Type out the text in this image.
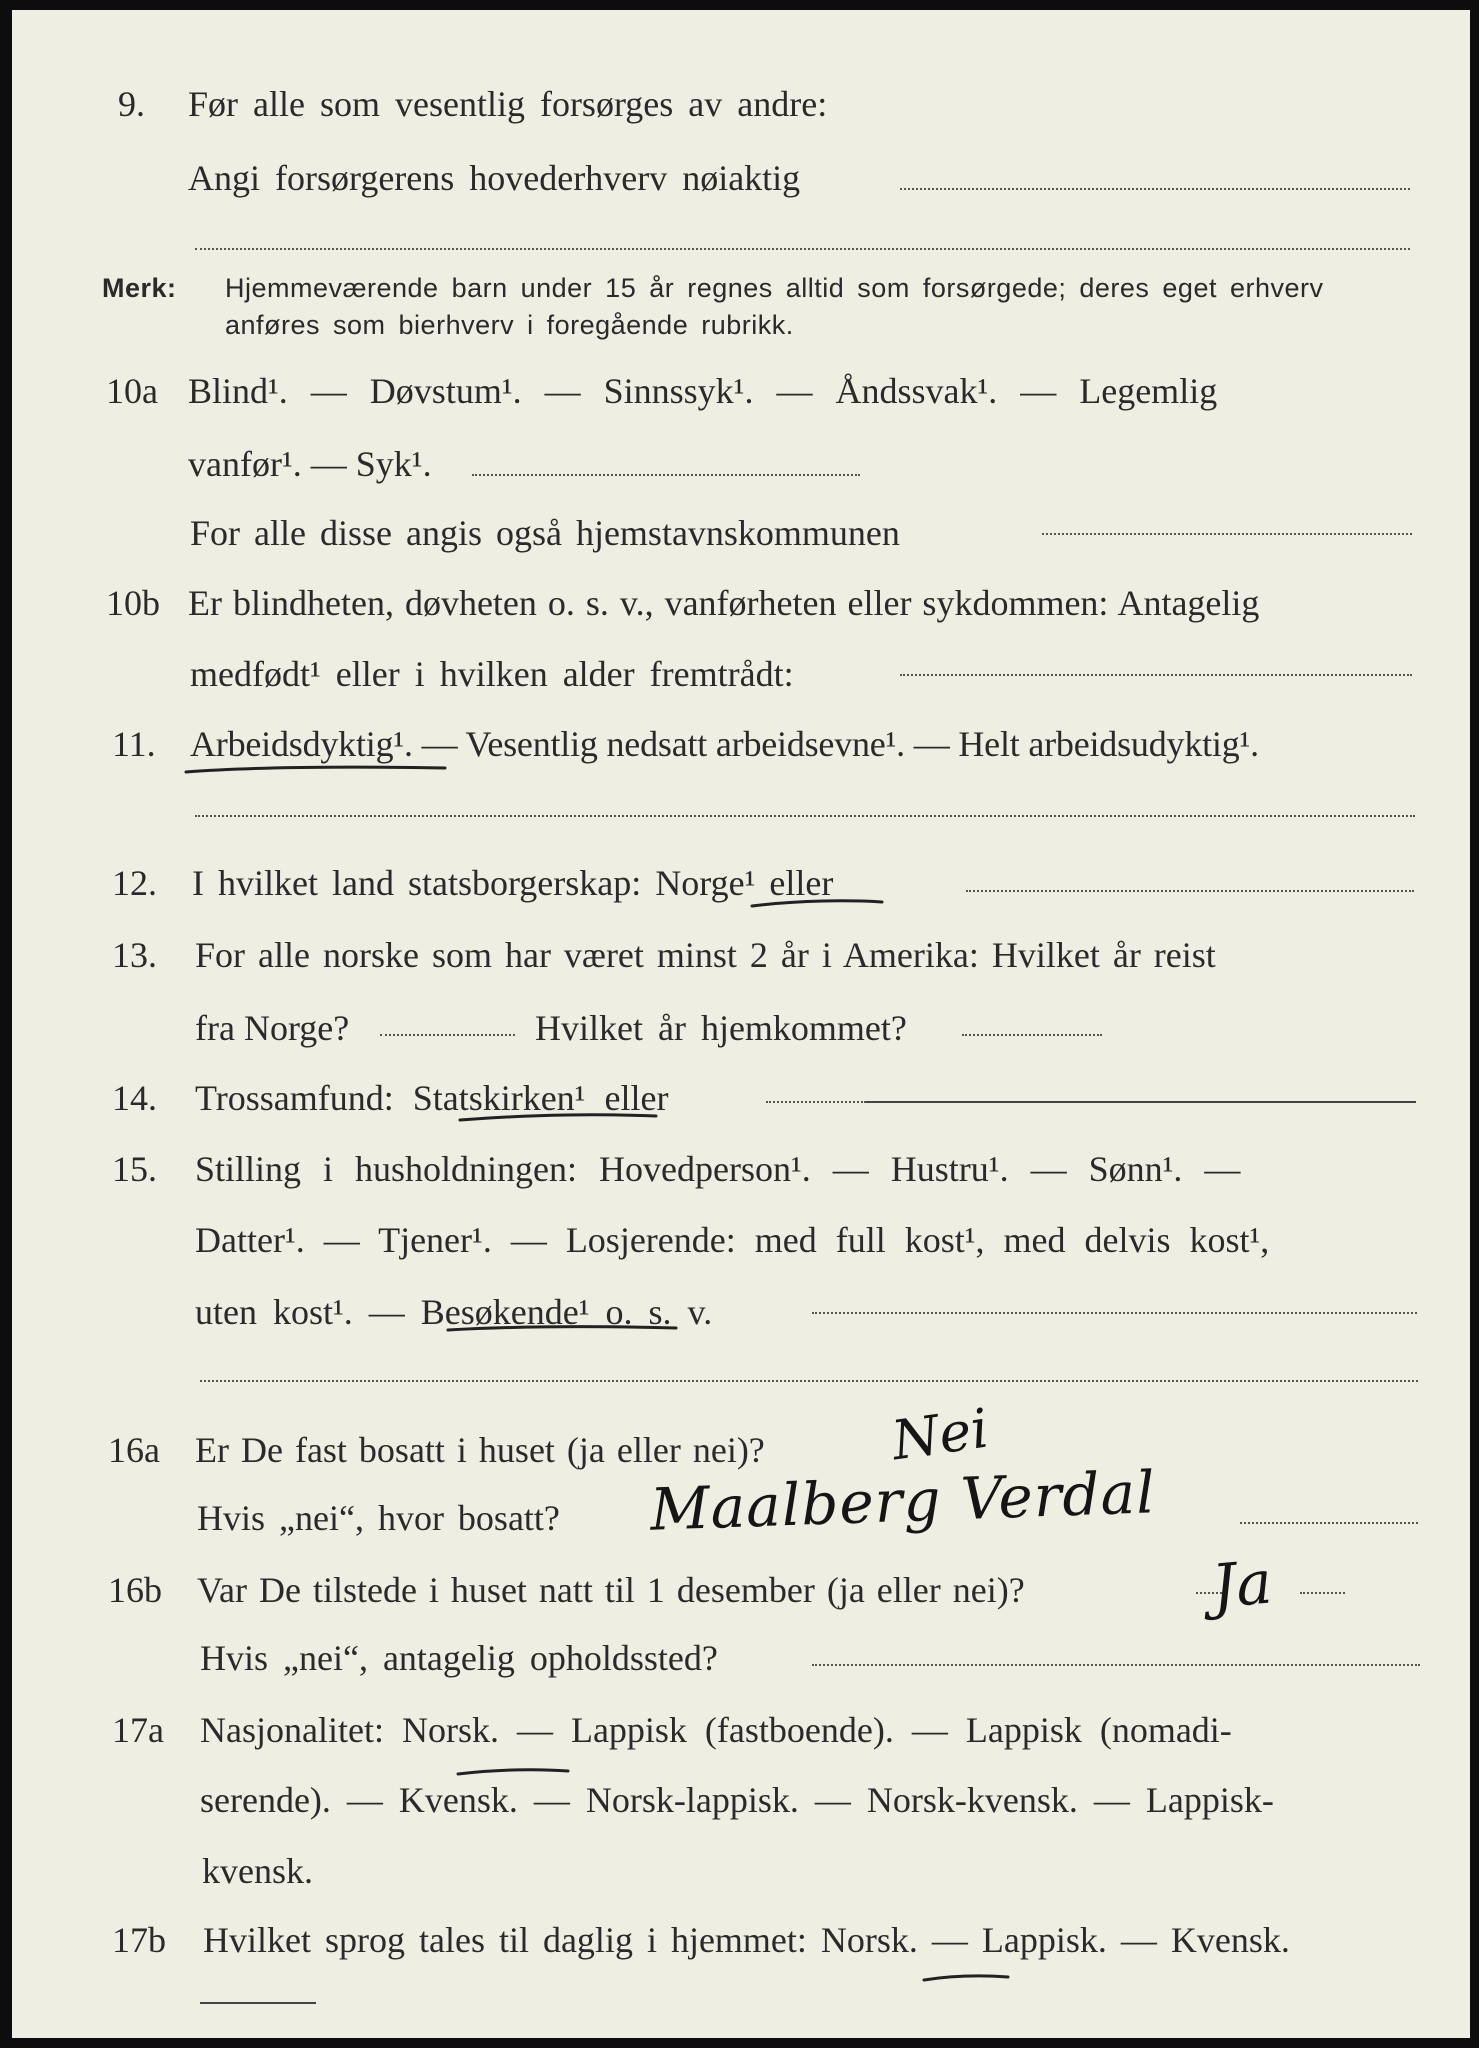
9. Før alle som vesentlig forsørges av andre:
Angi forsørgerens hovederhverv nøiaktig
Merk: Hjemmeværende barn under 15 år regnes alltid som forsørgede; deres eget erhverv
anføres som bierhverv i foregående rubrikk.
10a Blind¹. — Døvstum¹. — Sinnssyk¹. — Åndssvak¹. — Legemlig
vanfør¹. — Syk¹.
For alle disse angis også hjemstavnskommunen
10b Er blindheten, døvheten o. s. v., vanførheten eller sykdommen: Antagelig
medfødt¹ eller i hvilken alder fremtrådt:
11. Arbeidsdyktig¹. — Vesentlig nedsatt arbeidsevne¹. — Helt arbeidsudyktig¹.
12. I hvilket land statsborgerskap: Norge¹ eller
13. For alle norske som har været minst 2 år i Amerika: Hvilket år reist
fra Norge?	Hvilket år hjemkommet?
14. Trossamfund: Statskirken¹ eller
15. Stilling i husholdningen: Hovedperson¹. — Hustru¹. — Sønn¹. —
Datter¹. — Tjener¹. — Losjerende: med full kost¹, med delvis kost¹,
uten kost¹. — Besøkende¹ o. s. v.
16a Er De fast bosatt i huset (ja eller nei)? Nei
Hvis „nei“, hvor bosatt? Maalberg Verdal
16b Var De tilstede i huset natt til 1 desember (ja eller nei)?	Ja
Hvis „nei“, antagelig opholdssted?
17a Nasjonalitet: Norsk. — Lappisk (fastboende). — Lappisk (nomadi-
serende). — Kvensk. — Norsk-lappisk. — Norsk-kvensk. — Lappisk-
kvensk.
17b Hvilket sprog tales til daglig i hjemmet: Norsk. — Lappisk. — Kvensk.
